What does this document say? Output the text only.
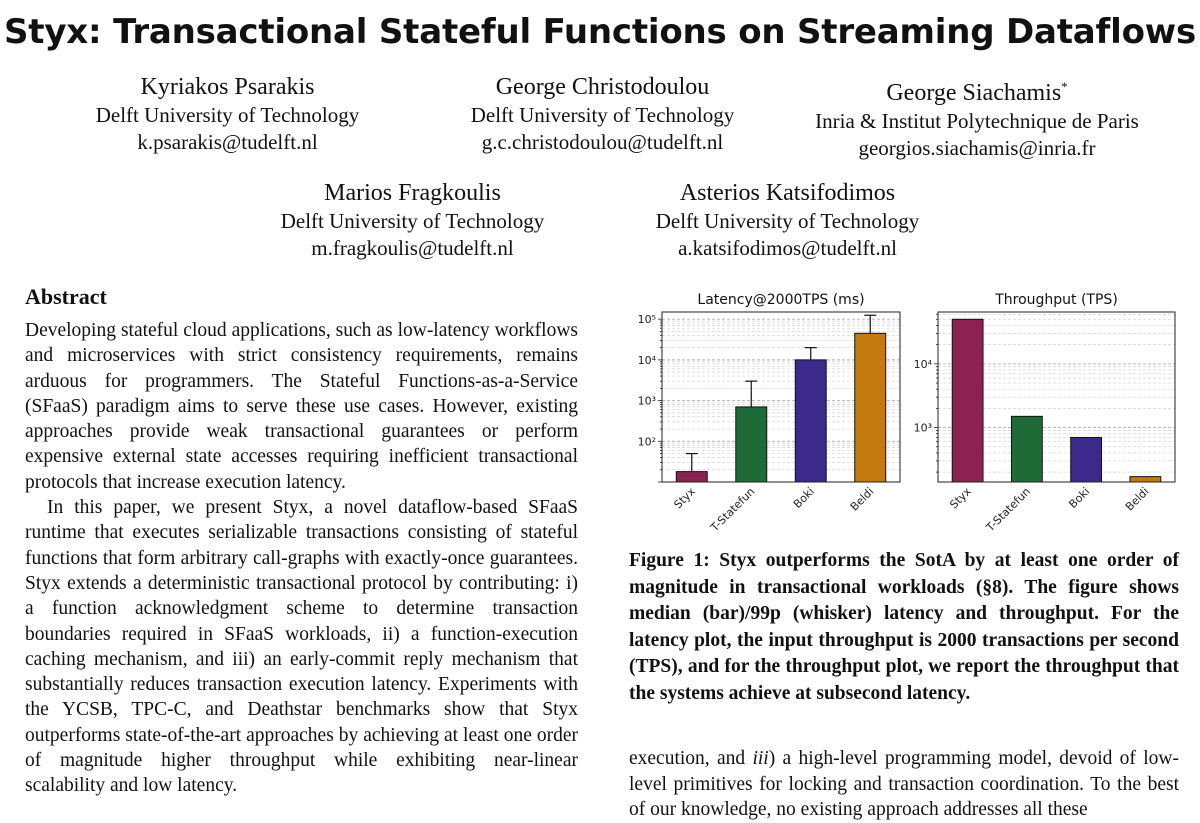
Styx: Transactional Stateful Functions on Streaming Dataflows
Kyriakos Psarakis
Delft University of Technology
k.psarakis@tudelft.nl
George Christodoulou
Delft University of Technology
g.c.christodoulou@tudelft.nl
George Siachamis*
Inria & Institut Polytechnique de Paris
georgios.siachamis@inria.fr
Marios Fragkoulis
Delft University of Technology
m.fragkoulis@tudelft.nl
Asterios Katsifodimos
Delft University of Technology
a.katsifodimos@tudelft.nl
Abstract

Developing stateful cloud applications, such as low-latency workflows and microservices with strict consistency requirements, remains arduous for programmers. The Stateful Functions-as-a-Service (SFaaS) paradigm aims to serve these use cases. However, existing approaches provide weak transactional guarantees or perform expensive external state accesses requiring inefficient transactional protocols that increase execution latency.

In this paper, we present Styx, a novel dataflow-based SFaaS runtime that executes serializable transactions consisting of stateful functions that form arbitrary call-graphs with exactly-once guarantees. Styx extends a deterministic transactional protocol by contributing: i) a function acknowledgment scheme to determine transaction boundaries required in SFaaS workloads, ii) a function-execution caching mechanism, and iii) an early-commit reply mechanism that substantially reduces transaction execution latency. Experiments with the YCSB, TPC-C, and Deathstar benchmarks show that Styx outperforms state-of-the-art approaches by achieving at least one order of magnitude higher throughput while exhibiting near-linear scalability and low latency.

10²
10³
10⁴
10⁵
Styx T-Statefun	Boki	Beldi
Latency@2000TPS (ms)
10³
10⁴
Styx T-Statefun	Boki	Beldi
Throughput (TPS)
Figure 1: Styx outperforms the SotA by at least one order of magnitude in transactional workloads (§8). The figure shows median (bar)/99p (whisker) latency and throughput. For the latency plot, the input throughput is 2000 transactions per second (TPS), and for the throughput plot, we report the throughput that the systems achieve at subsecond latency.
execution, and iii) a high-level programming model, devoid of low-level primitives for locking and transaction coordination. To the best of our knowledge, no existing approach addresses all these
